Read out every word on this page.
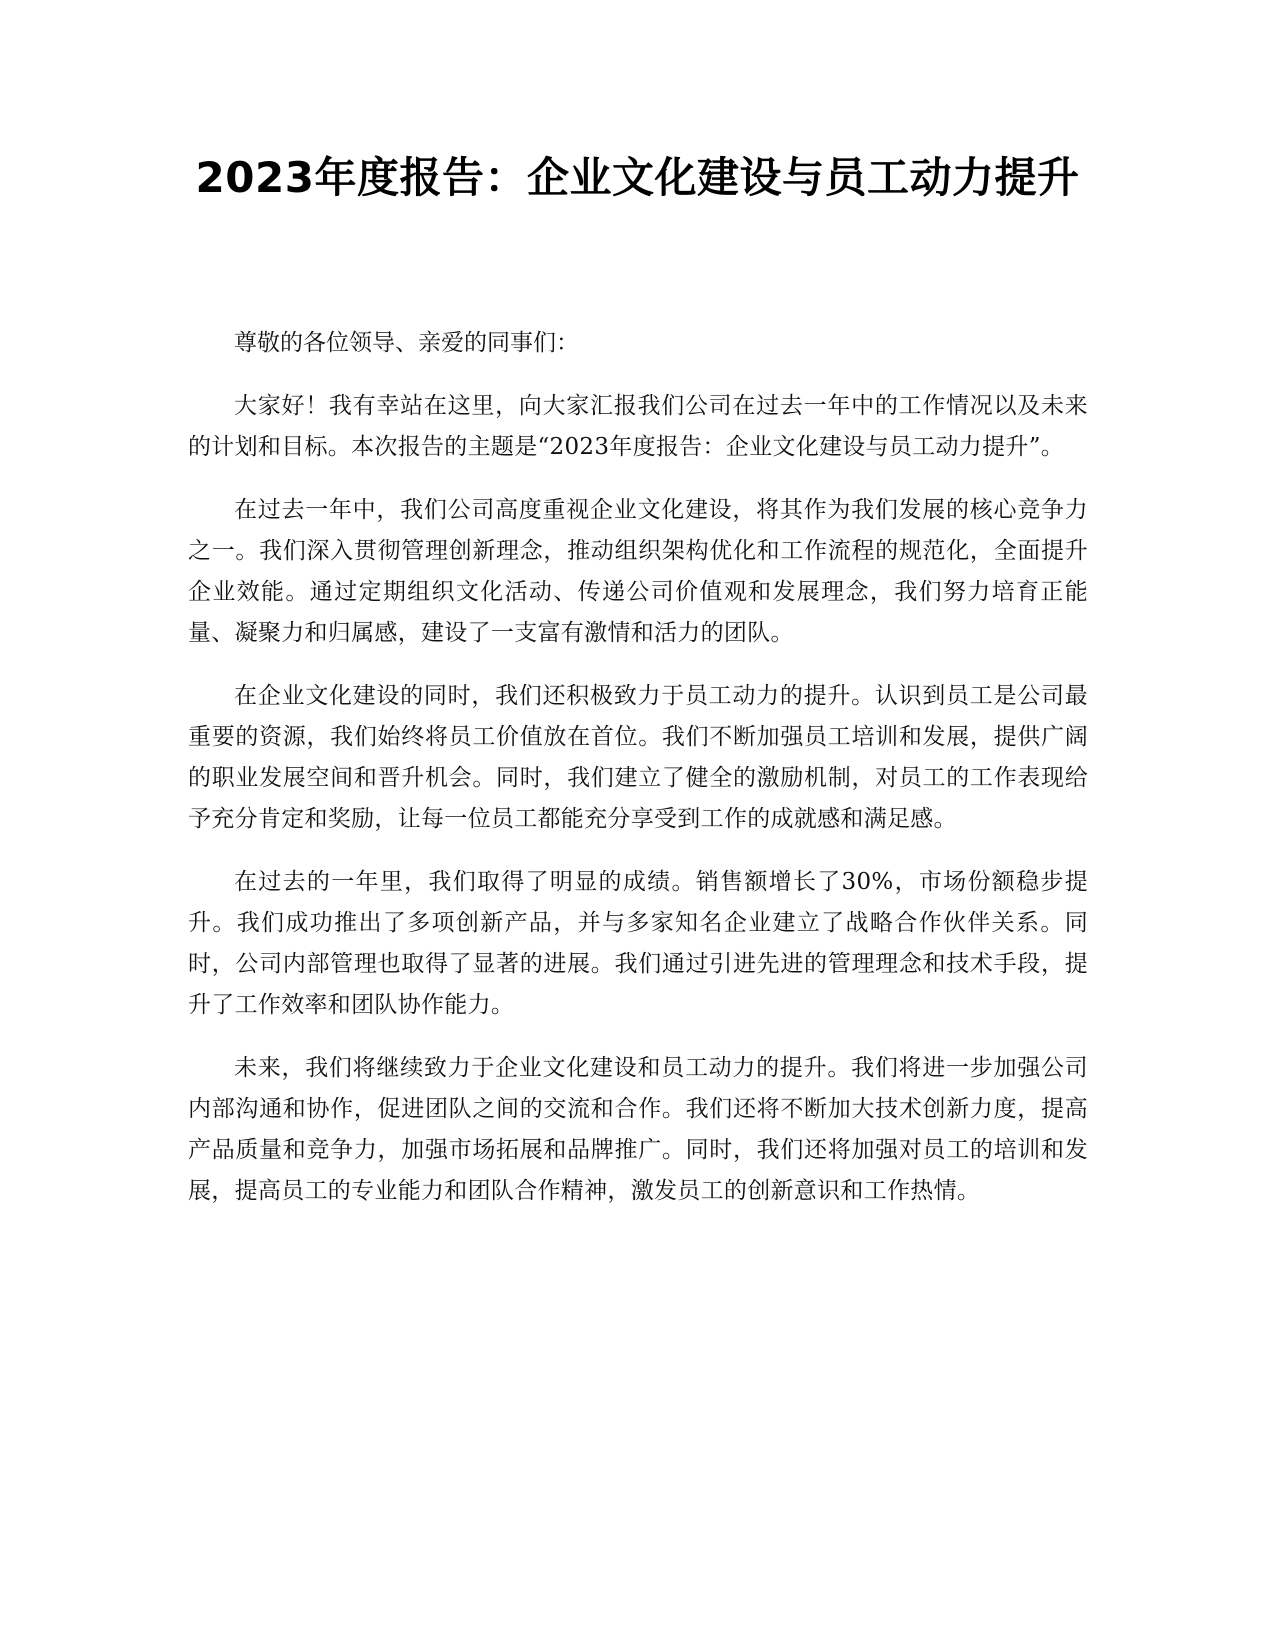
2023年度报告：企业文化建设与员工动力提升

尊敬的各位领导、亲爱的同事们：

大家好！我有幸站在这里，向大家汇报我们公司在过去一年中的工作情况以及未来的计划和目标。本次报告的主题是“2023年度报告：企业文化建设与员工动力提升”。

在过去一年中，我们公司高度重视企业文化建设，将其作为我们发展的核心竞争力之一。我们深入贯彻管理创新理念，推动组织架构优化和工作流程的规范化，全面提升企业效能。通过定期组织文化活动、传递公司价值观和发展理念，我们努力培育正能量、凝聚力和归属感，建设了一支富有激情和活力的团队。

在企业文化建设的同时，我们还积极致力于员工动力的提升。认识到员工是公司最重要的资源，我们始终将员工价值放在首位。我们不断加强员工培训和发展，提供广阔的职业发展空间和晋升机会。同时，我们建立了健全的激励机制，对员工的工作表现给予充分肯定和奖励，让每一位员工都能充分享受到工作的成就感和满足感。

在过去的一年里，我们取得了明显的成绩。销售额增长了30%，市场份额稳步提升。我们成功推出了多项创新产品，并与多家知名企业建立了战略合作伙伴关系。同时，公司内部管理也取得了显著的进展。我们通过引进先进的管理理念和技术手段，提升了工作效率和团队协作能力。

未来，我们将继续致力于企业文化建设和员工动力的提升。我们将进一步加强公司内部沟通和协作，促进团队之间的交流和合作。我们还将不断加大技术创新力度，提高产品质量和竞争力，加强市场拓展和品牌推广。同时，我们还将加强对员工的培训和发展，提高员工的专业能力和团队合作精神，激发员工的创新意识和工作热情。
